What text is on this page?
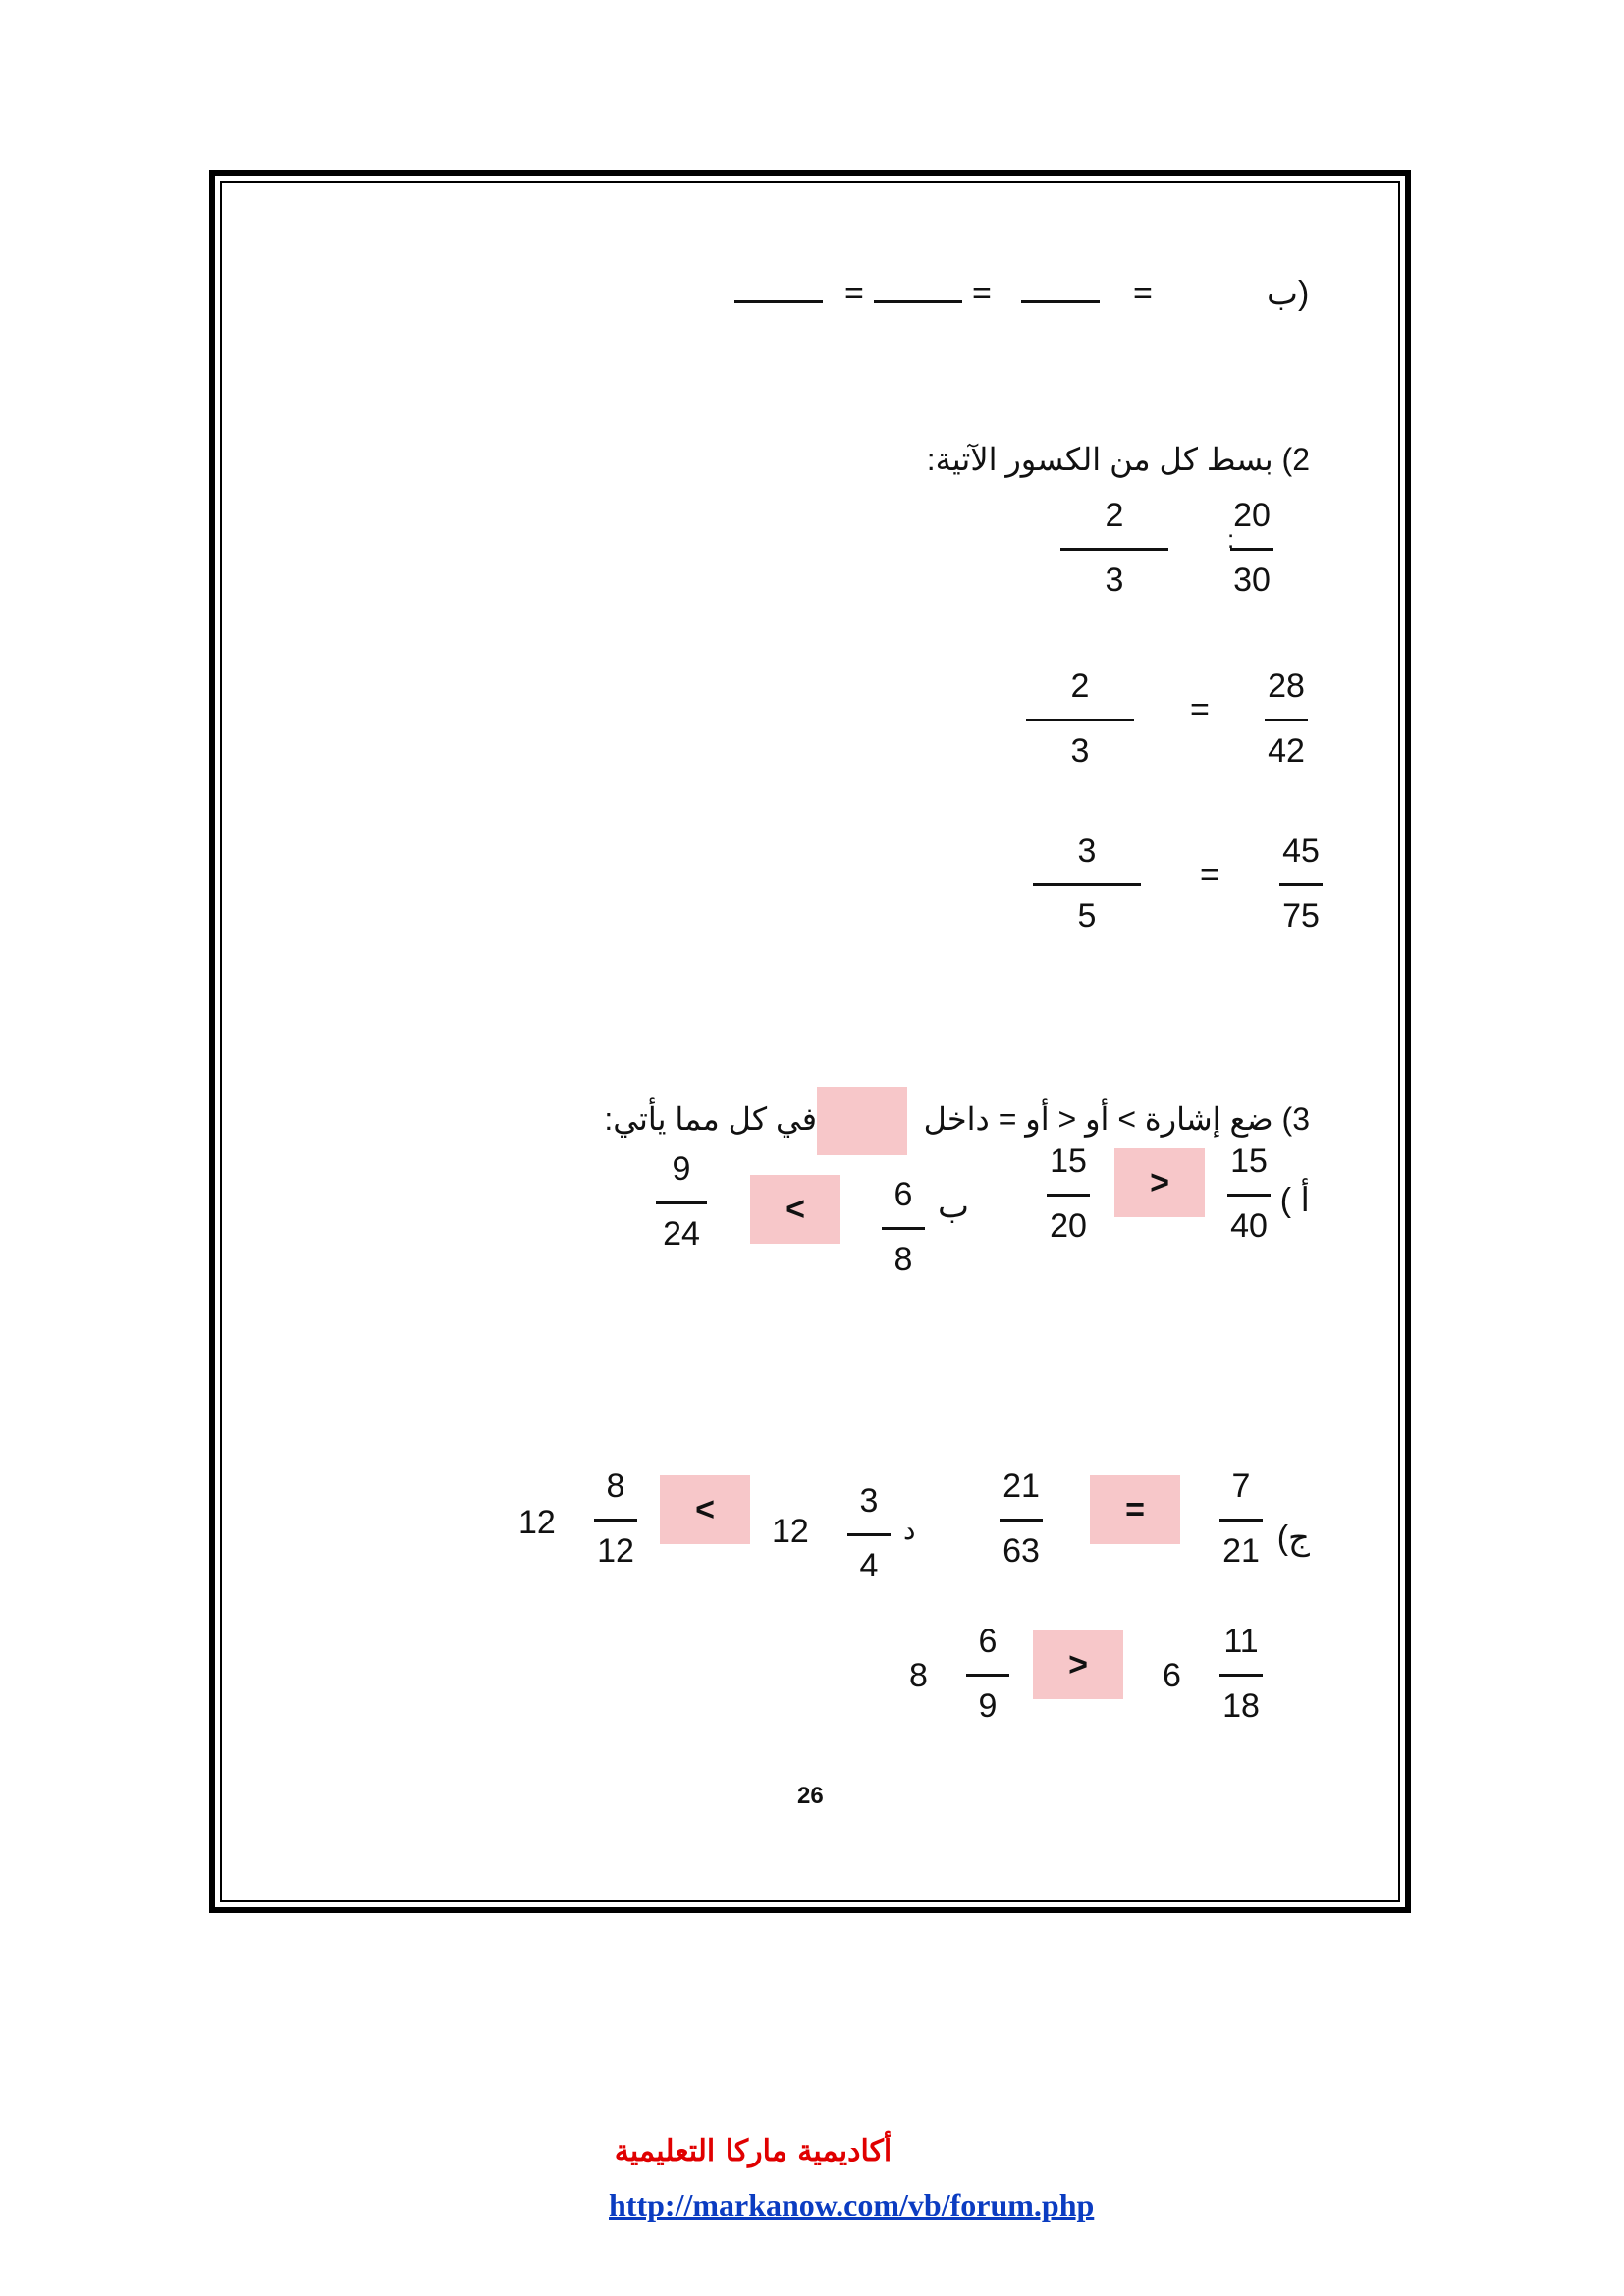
ب)
=
=
=
2) بسط كل من الكسور الآتية:
20
30
:
2
3
28
42
=
2
3
45
75
=
3
5
3) ضع إشارة > أو < أو = داخل
في كل مما يأتي:
أ )
15
40
>
15
20
ب
6
8
<
9
24
ج)
7
21
=
21
63
د
3
4
12
<
8
12
12
11
18
6
>
6
9
8
26
أكاديمية ماركا التعليمية
http://markanow.com/vb/forum.php
